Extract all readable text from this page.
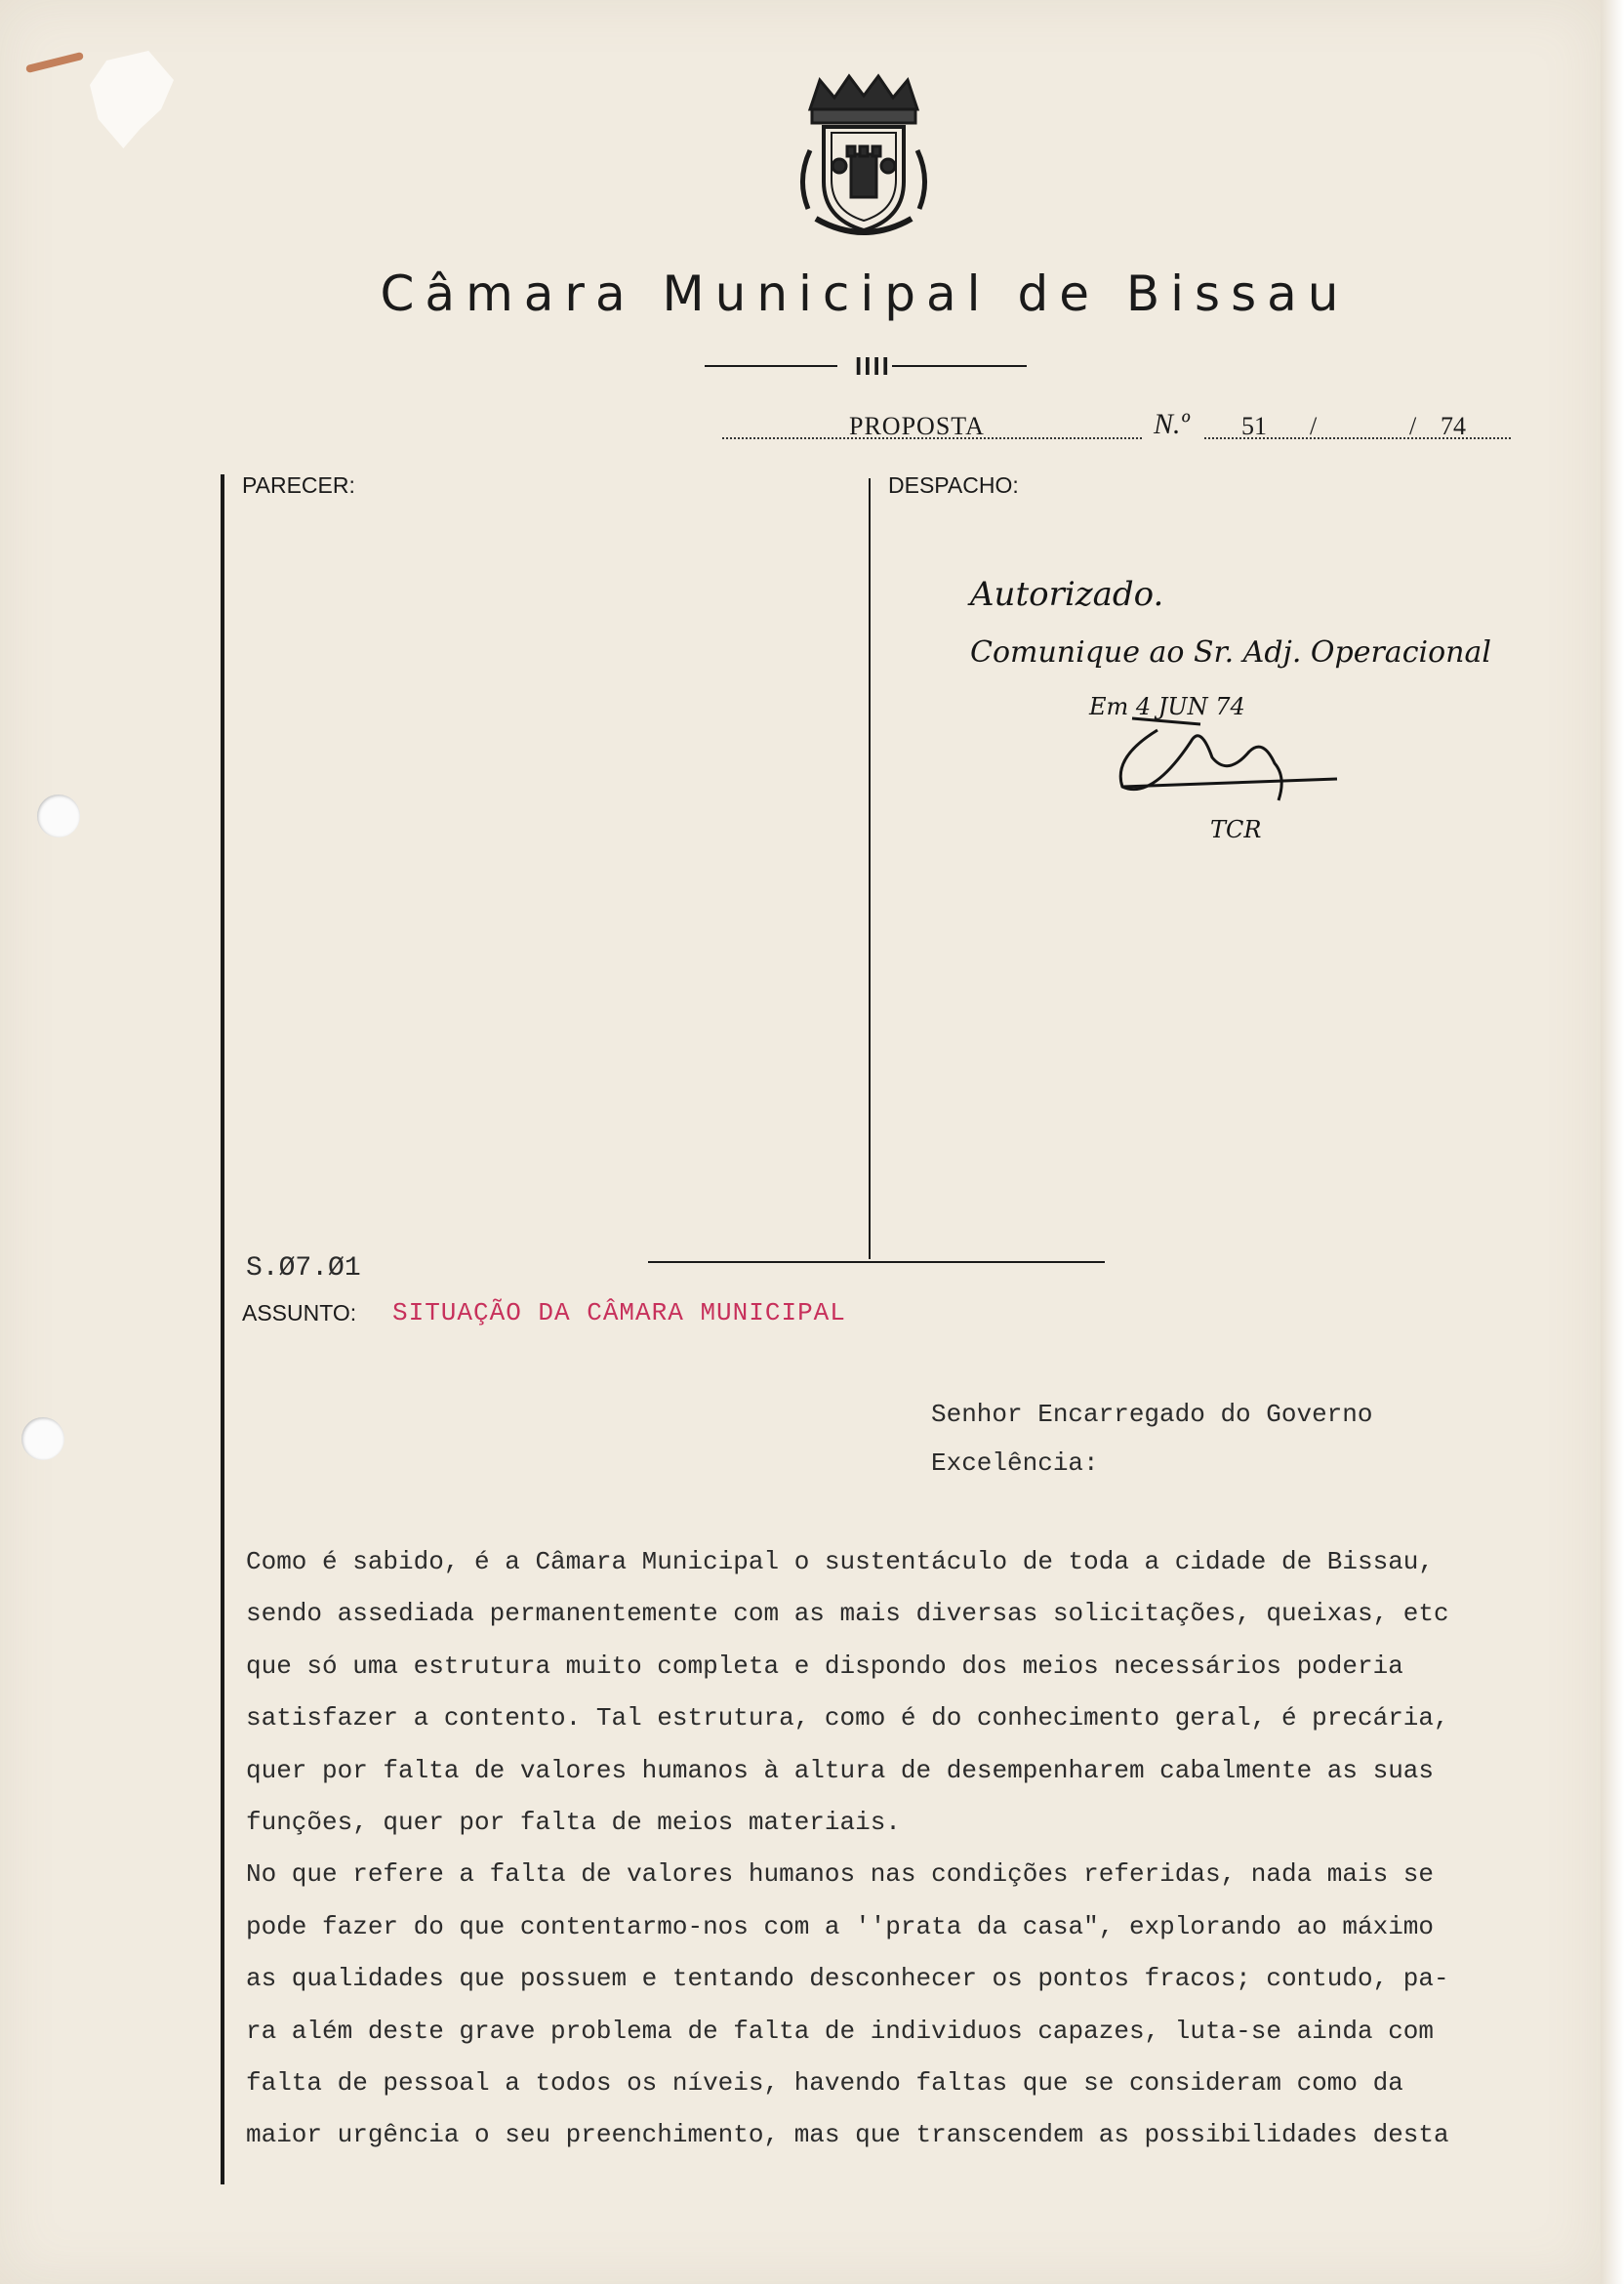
Câmara Municipal de Bissau
IIII
PROPOSTA	N.º 51 /	/ 74
PARECER:	DESPACHO:
Autorizado.
Comunique ao Sr. Adj. Operacional
Em 4 JUN 74
TCR
S.Ø7.Ø1
ASSUNTO: SITUAÇÃO DA CÂMARA MUNICIPAL
Senhor Encarregado do Governo
Excelência:
Como é sabido, é a Câmara Municipal o sustentáculo de toda a cidade de Bissau,
sendo assediada permanentemente com as mais diversas solicitações, queixas, etc
que só uma estrutura muito completa e dispondo dos meios necessários poderia
satisfazer a contento. Tal estrutura, como é do conhecimento geral, é precária,
quer por falta de valores humanos à altura de desempenharem cabalmente as suas
funções, quer por falta de meios materiais.
No que refere a falta de valores humanos nas condições referidas, nada mais se
pode fazer do que contentarmo-nos com a ''prata da casa", explorando ao máximo
as qualidades que possuem e tentando desconhecer os pontos fracos; contudo, pa-
ra além deste grave problema de falta de individuos capazes, luta-se ainda com
falta de pessoal a todos os níveis, havendo faltas que se consideram como da
maior urgência o seu preenchimento, mas que transcendem as possibilidades desta
